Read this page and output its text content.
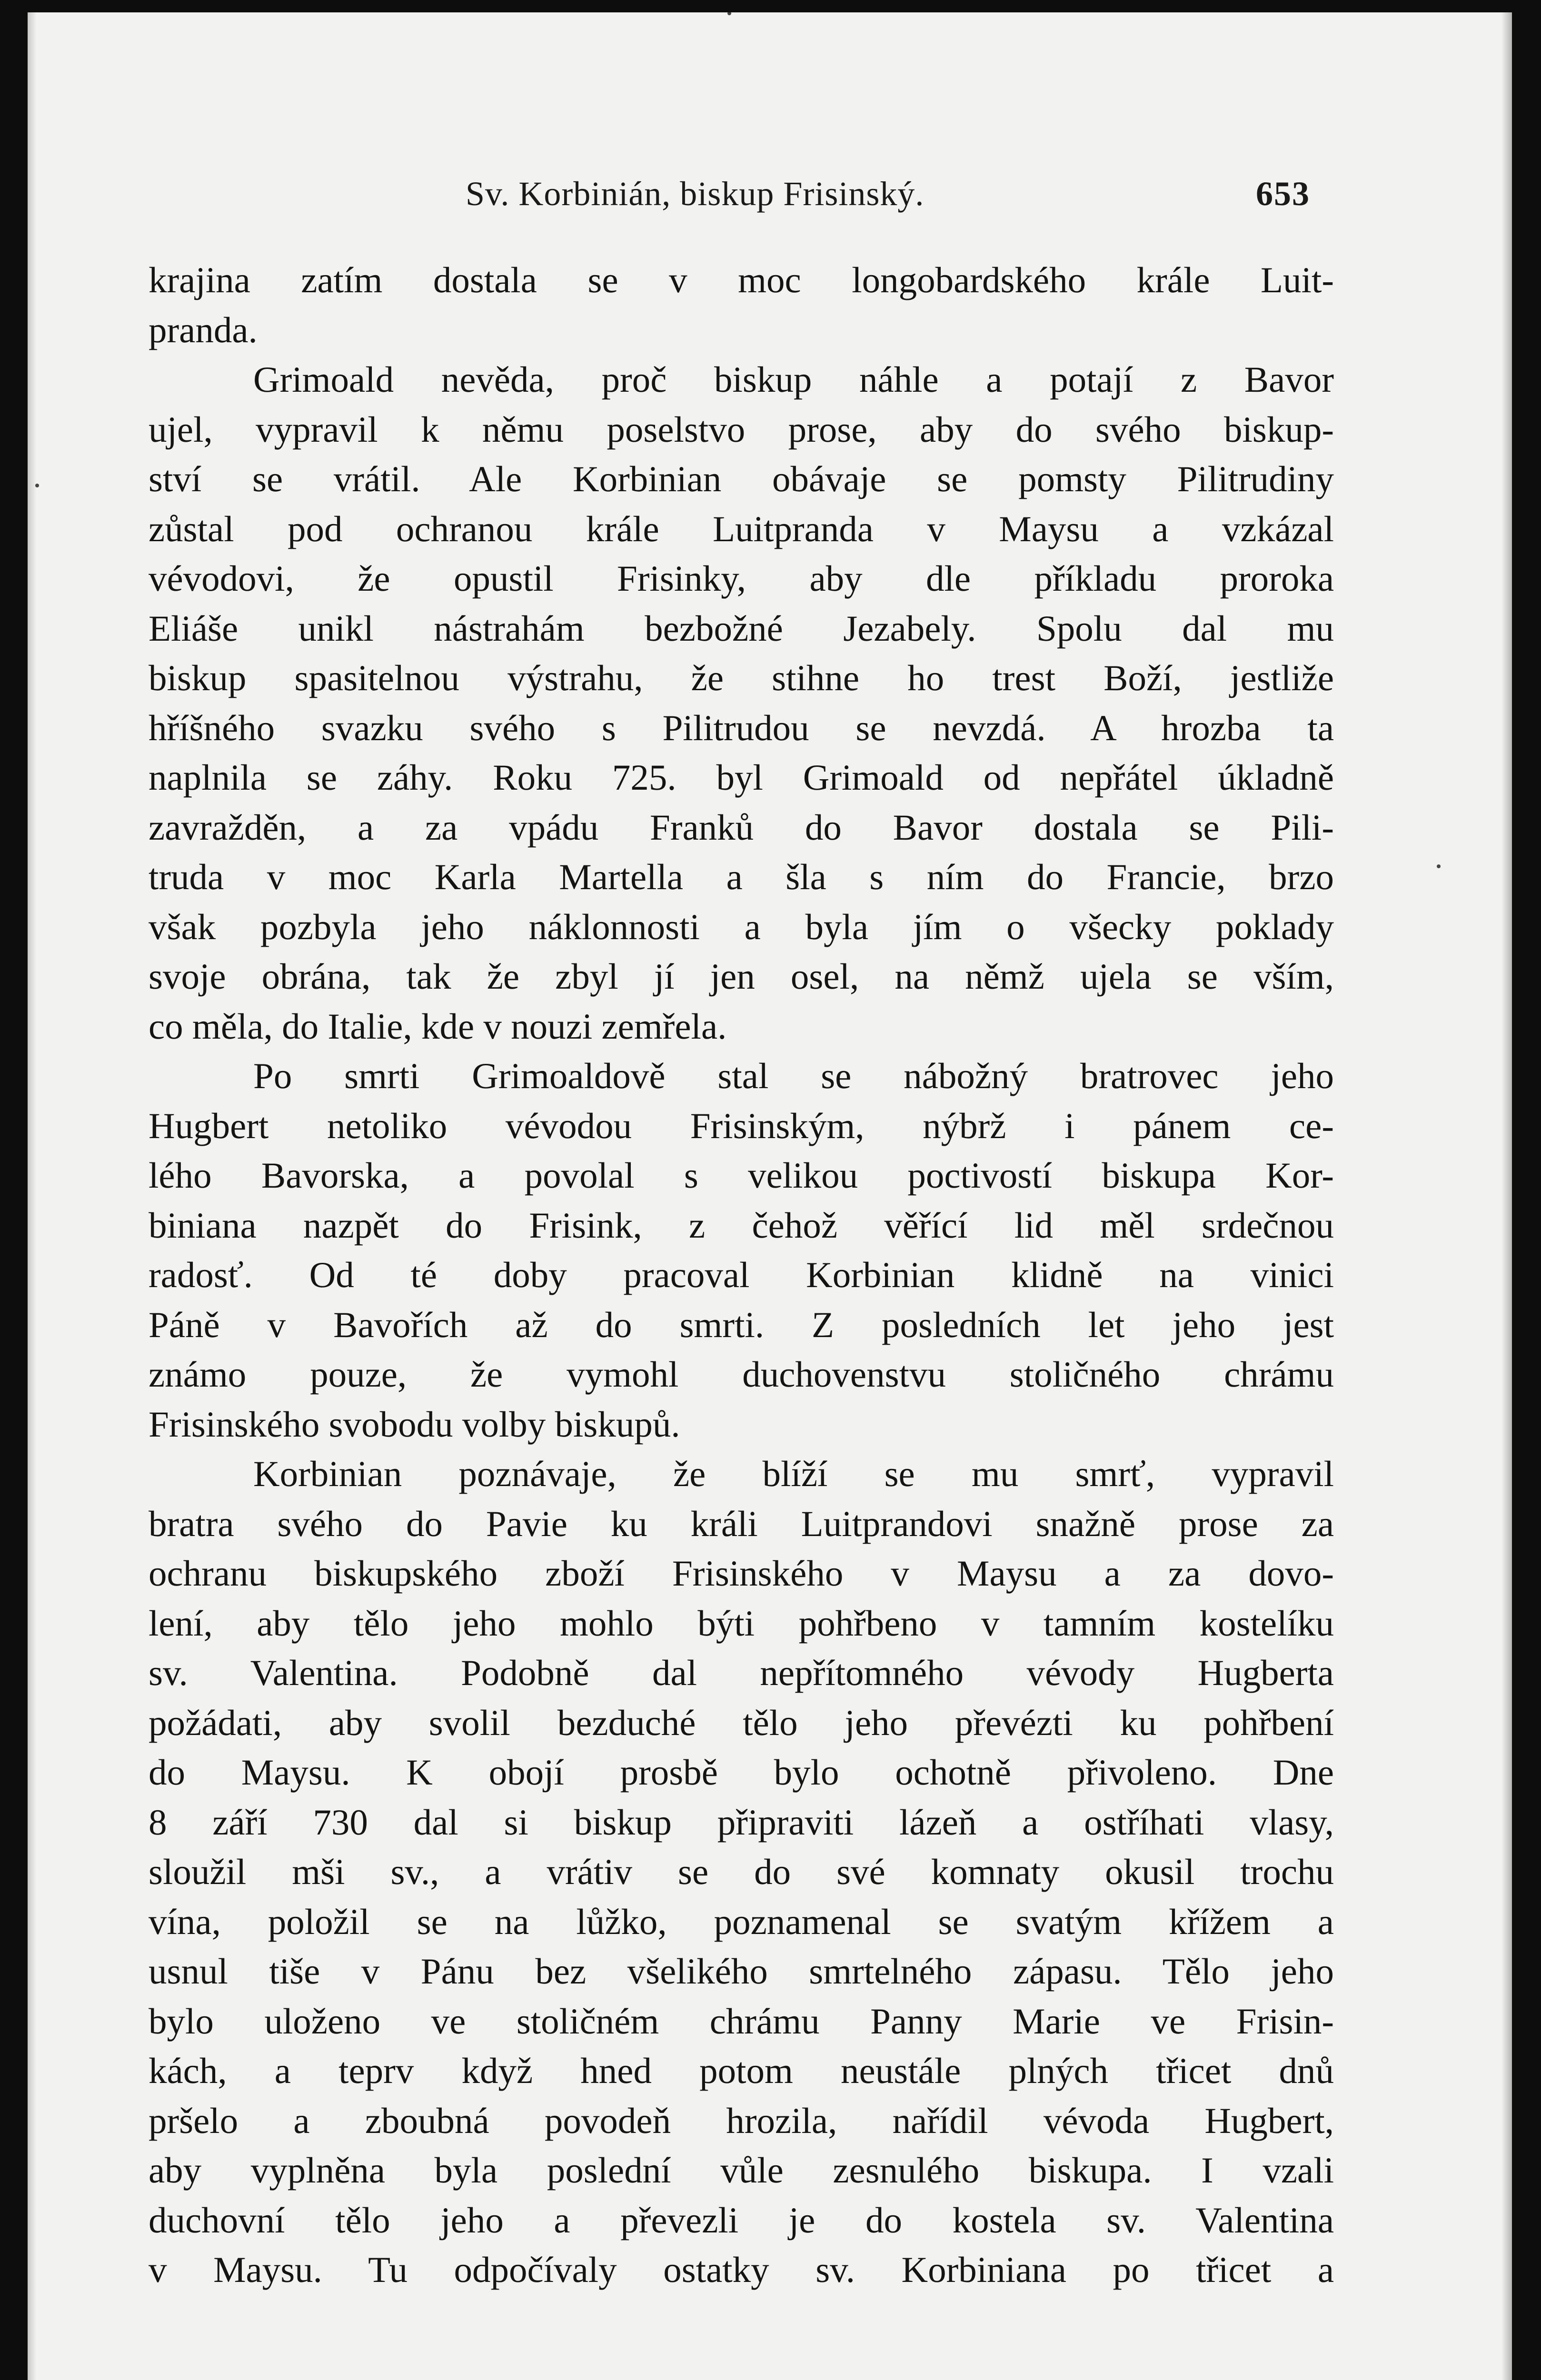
Sv. Korbinián, biskup Frisinský.	653
krajina zatím dostala se v moc longobardského krále Luit-
pranda.
Grimoald nevěda, proč biskup náhle a potají z Bavor
ujel, vypravil k němu poselstvo prose, aby do svého biskup-
ství se vrátil. Ale Korbinian obávaje se pomsty Pilitrudiny
zůstal pod ochranou krále Luitpranda v Maysu a vzkázal
vévodovi, že opustil Frisinky, aby dle příkladu proroka
Eliáše unikl nástrahám bezbožné Jezabely. Spolu dal mu
biskup spasitelnou výstrahu, že stihne ho trest Boží, jestliže
hříšného svazku svého s Pilitrudou se nevzdá. A hrozba ta
naplnila se záhy. Roku 725. byl Grimoald od nepřátel úkladně
zavražděn, a za vpádu Franků do Bavor dostala se Pili-
truda v moc Karla Martella a šla s ním do Francie, brzo
však pozbyla jeho náklonnosti a byla jím o všecky poklady
svoje obrána, tak že zbyl jí jen osel, na němž ujela se vším,
co měla, do Italie, kde v nouzi zemřela.
Po smrti Grimoaldově stal se nábožný bratrovec jeho
Hugbert netoliko vévodou Frisinským, nýbrž i pánem ce-
lého Bavorska, a povolal s velikou poctivostí biskupa Kor-
biniana nazpět do Frisink, z čehož věřící lid měl srdečnou
radosť. Od té doby pracoval Korbinian klidně na vinici
Páně v Bavořích až do smrti. Z posledních let jeho jest
známo pouze, že vymohl duchovenstvu stoličného chrámu
Frisinského svobodu volby biskupů.
Korbinian poznávaje, že blíží se mu smrť, vypravil
bratra svého do Pavie ku králi Luitprandovi snažně prose za
ochranu biskupského zboží Frisinského v Maysu a za dovo-
lení, aby tělo jeho mohlo býti pohřbeno v tamním kostelíku
sv. Valentina. Podobně dal nepřítomného vévody Hugberta
požádati, aby svolil bezduché tělo jeho převézti ku pohřbení
do Maysu. K obojí prosbě bylo ochotně přivoleno. Dne
8 září 730 dal si biskup připraviti lázeň a ostříhati vlasy,
sloužil mši sv., a vrátiv se do své komnaty okusil trochu
vína, položil se na lůžko, poznamenal se svatým křížem a
usnul tiše v Pánu bez všelikého smrtelného zápasu. Tělo jeho
bylo uloženo ve stoličném chrámu Panny Marie ve Frisin-
kách, a teprv když hned potom neustále plných třicet dnů
pršelo a zboubná povodeň hrozila, nařídil vévoda Hugbert,
aby vyplněna byla poslední vůle zesnulého biskupa. I vzali
duchovní tělo jeho a převezli je do kostela sv. Valentina
v Maysu. Tu odpočívaly ostatky sv. Korbiniana po třicet a
